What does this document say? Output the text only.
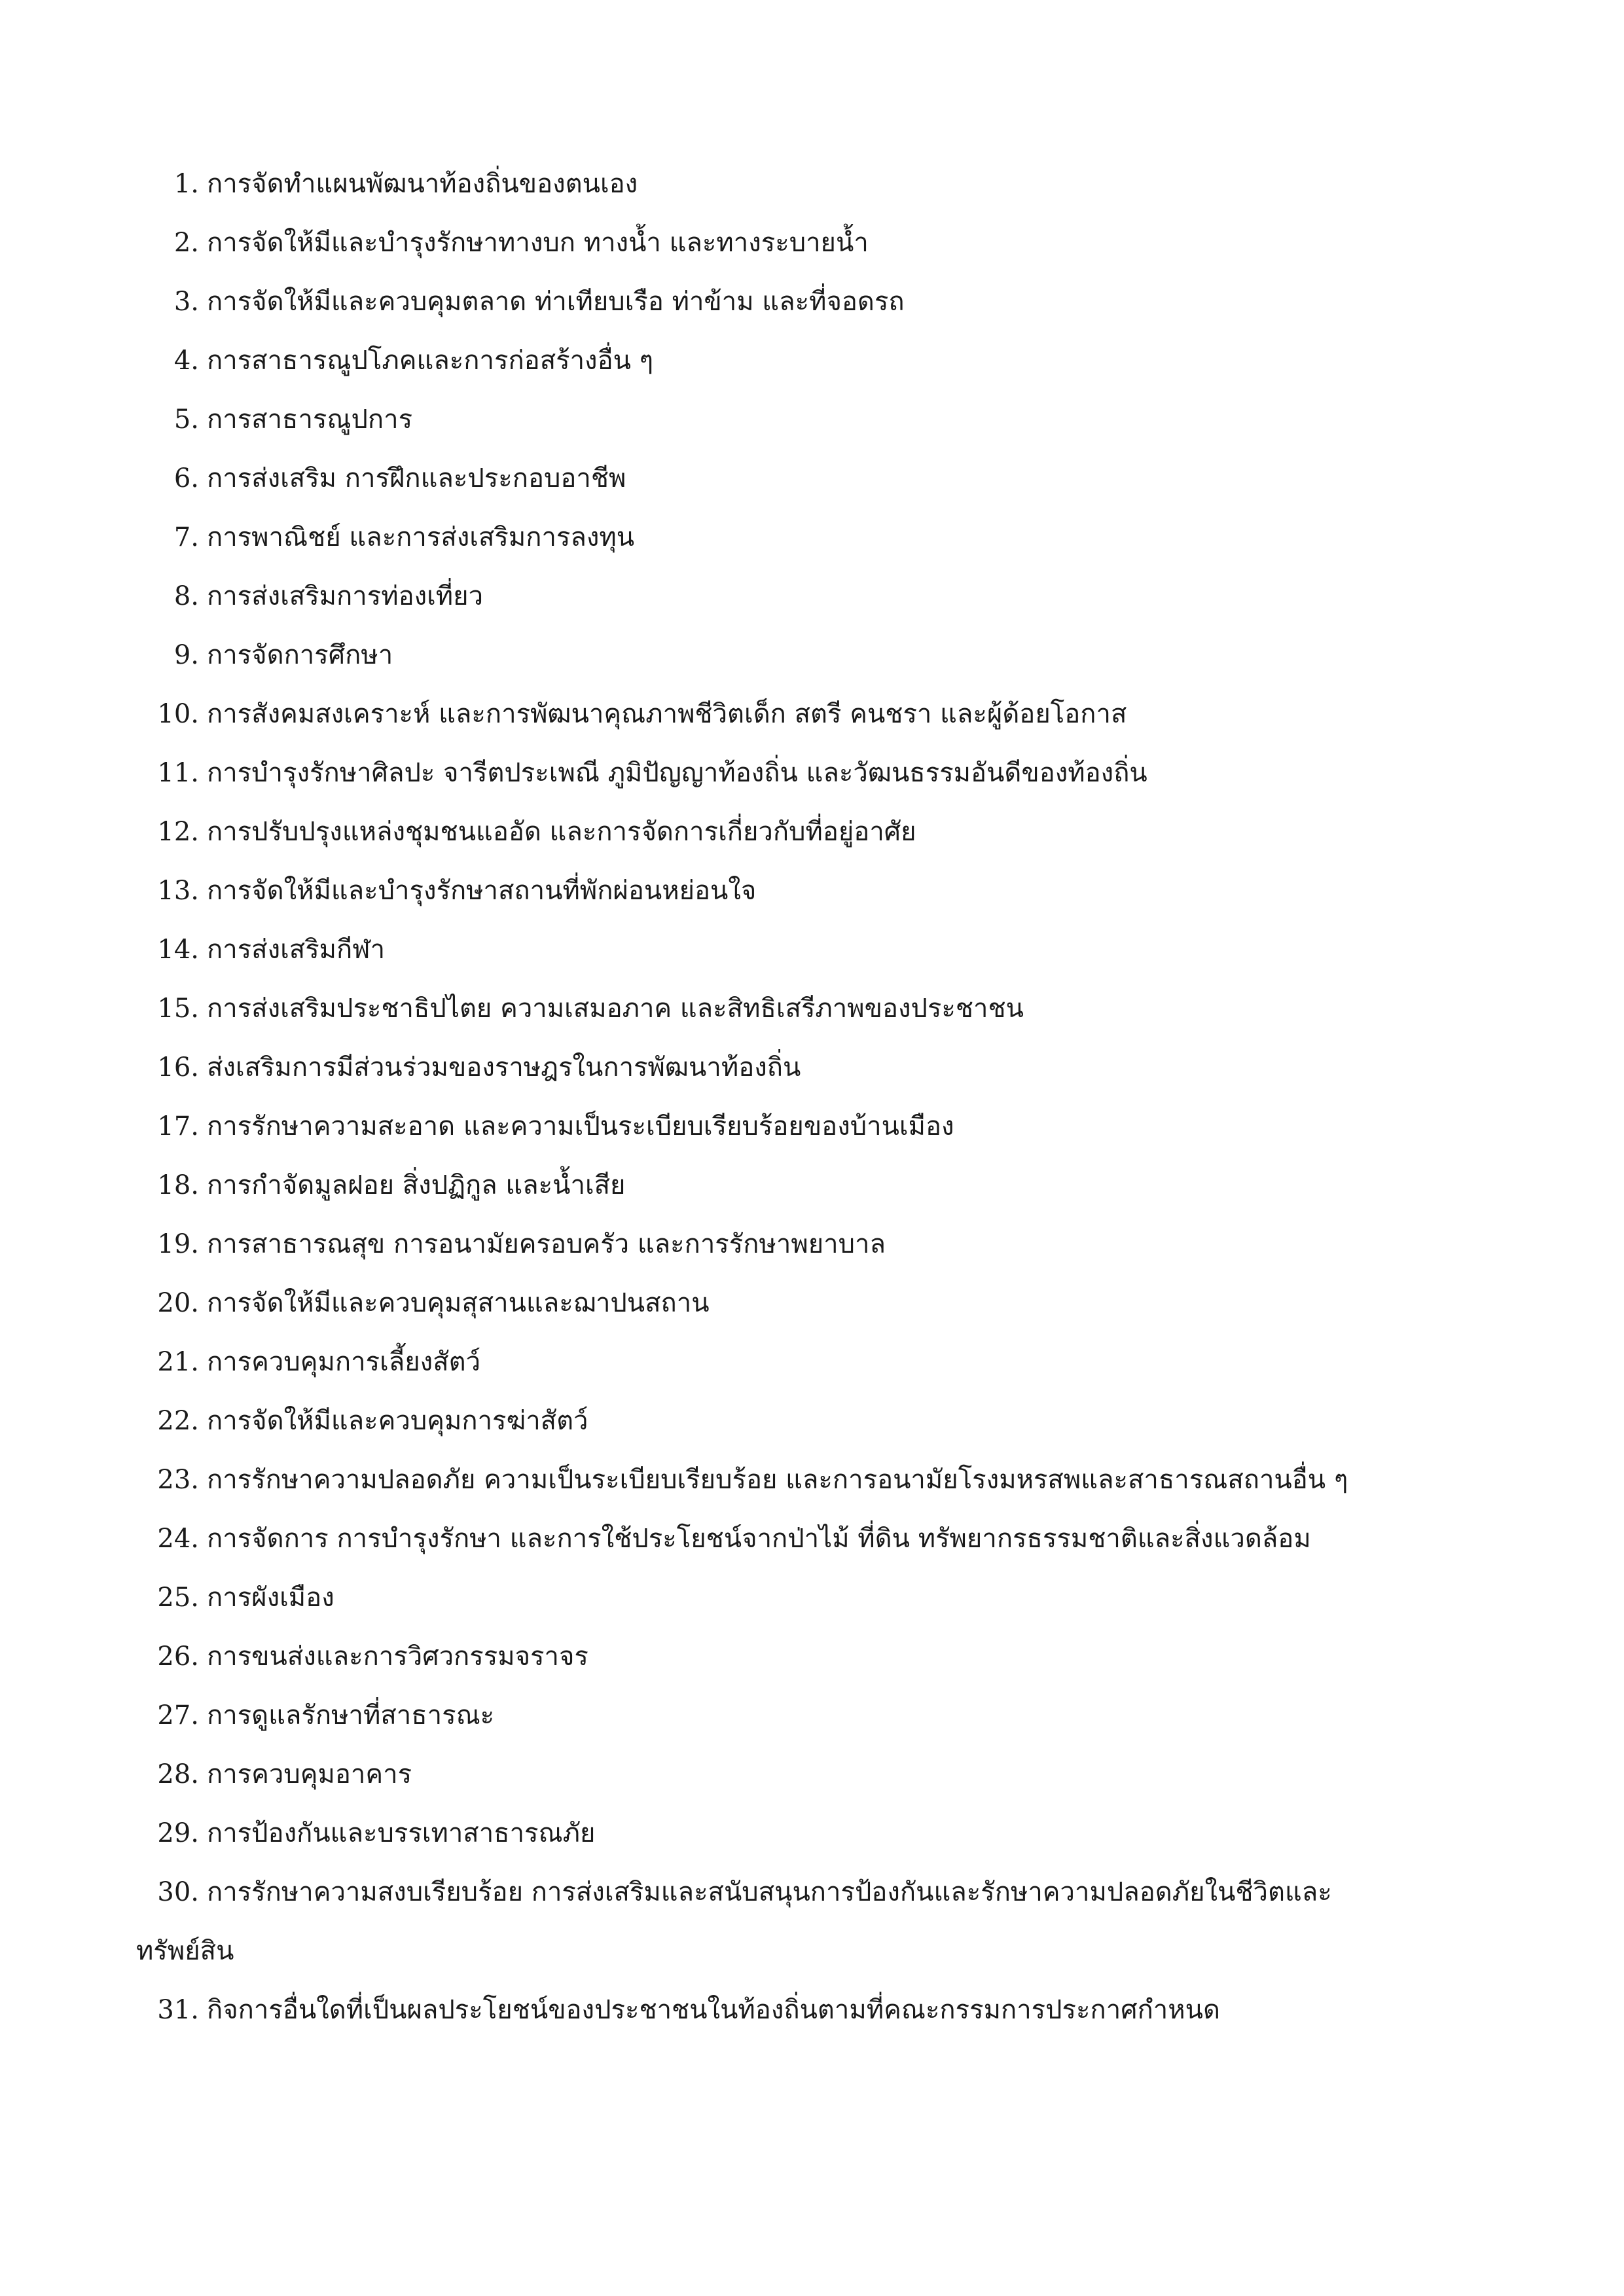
1. การจัดทำแผนพัฒนาท้องถิ่นของตนเอง
2. การจัดให้มีและบำรุงรักษาทางบก ทางน้ำ และทางระบายน้ำ
3. การจัดให้มีและควบคุมตลาด ท่าเทียบเรือ ท่าข้าม และที่จอดรถ
4. การสาธารณูปโภคและการก่อสร้างอื่น ๆ
5. การสาธารณูปการ
6. การส่งเสริม การฝึกและประกอบอาชีพ
7. การพาณิชย์ และการส่งเสริมการลงทุน
8. การส่งเสริมการท่องเที่ยว
9. การจัดการศึกษา
10. การสังคมสงเคราะห์ และการพัฒนาคุณภาพชีวิตเด็ก สตรี คนชรา และผู้ด้อยโอกาส
11. การบำรุงรักษาศิลปะ จารีตประเพณี ภูมิปัญญาท้องถิ่น และวัฒนธรรมอันดีของท้องถิ่น
12. การปรับปรุงแหล่งชุมชนแออัด และการจัดการเกี่ยวกับที่อยู่อาศัย
13. การจัดให้มีและบำรุงรักษาสถานที่พักผ่อนหย่อนใจ
14. การส่งเสริมกีฬา
15. การส่งเสริมประชาธิปไตย ความเสมอภาค และสิทธิเสรีภาพของประชาชน
16. ส่งเสริมการมีส่วนร่วมของราษฎรในการพัฒนาท้องถิ่น
17. การรักษาความสะอาด และความเป็นระเบียบเรียบร้อยของบ้านเมือง
18. การกำจัดมูลฝอย สิ่งปฏิกูล และน้ำเสีย
19. การสาธารณสุข การอนามัยครอบครัว และการรักษาพยาบาล
20. การจัดให้มีและควบคุมสุสานและฌาปนสถาน
21. การควบคุมการเลี้ยงสัตว์
22. การจัดให้มีและควบคุมการฆ่าสัตว์
23. การรักษาความปลอดภัย ความเป็นระเบียบเรียบร้อย และการอนามัยโรงมหรสพและสาธารณสถานอื่น ๆ
24. การจัดการ การบำรุงรักษา และการใช้ประโยชน์จากป่าไม้ ที่ดิน ทรัพยากรธรรมชาติและสิ่งแวดล้อม
25. การผังเมือง
26. การขนส่งและการวิศวกรรมจราจร
27. การดูแลรักษาที่สาธารณะ
28. การควบคุมอาคาร
29. การป้องกันและบรรเทาสาธารณภัย
30. การรักษาความสงบเรียบร้อย การส่งเสริมและสนับสนุนการป้องกันและรักษาความปลอดภัยในชีวิตและ
ทรัพย์สิน
31. กิจการอื่นใดที่เป็นผลประโยชน์ของประชาชนในท้องถิ่นตามที่คณะกรรมการประกาศกำหนด
